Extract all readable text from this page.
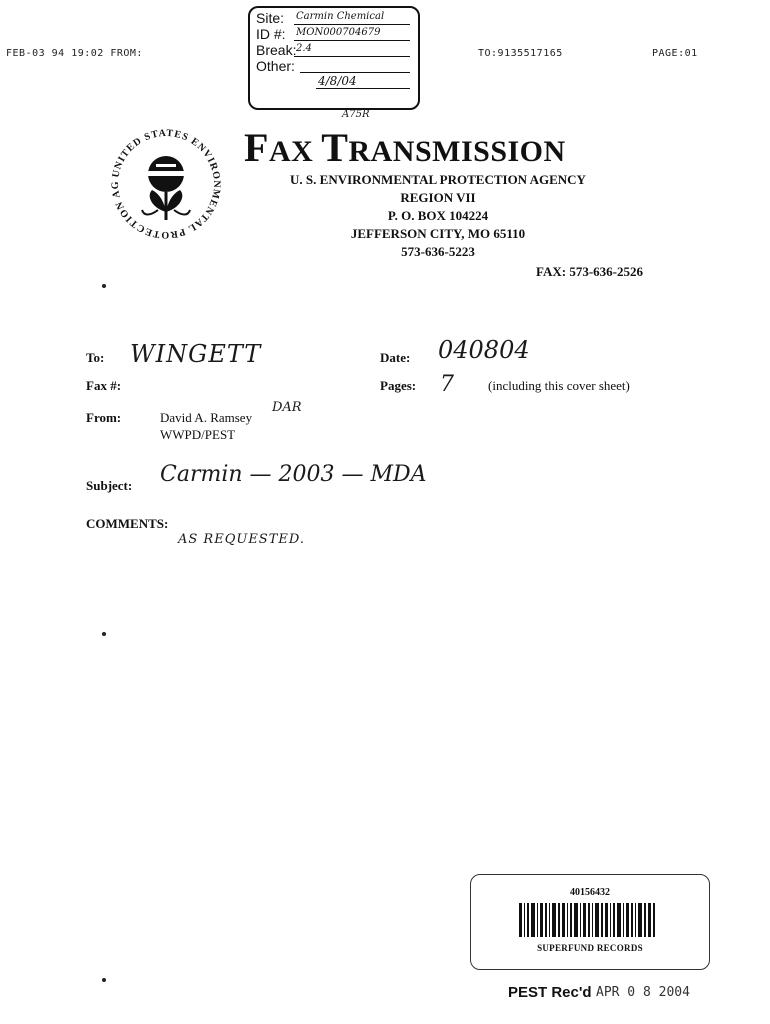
FEB-03 94 19:02 FROM:	TO:9135517165	PAGE:01
Site: Carmin Chemical
ID #: MON000704679
Break: 2.4
Other:
4/8/04
A75R
UNITED STATES ENVIRONMENTAL PROTECTION AG
FAX TRANSMISSION
U. S. ENVIRONMENTAL PROTECTION AGENCY
REGION VII
P. O. BOX 104224
JEFFERSON CITY, MO 65110
573-636-5223
FAX: 573-636-2526
To: WINGETT	Date: 040804
Fax #:	Pages: 7	(including this cover sheet)
From:	David A. Ramsey
DAR
WWPD/PEST
Subject: Carmin — 2003 — MDA
COMMENTS:
AS REQUESTED.
40156432
SUPERFUND RECORDS
PEST Rec'd APR 0 8 2004
